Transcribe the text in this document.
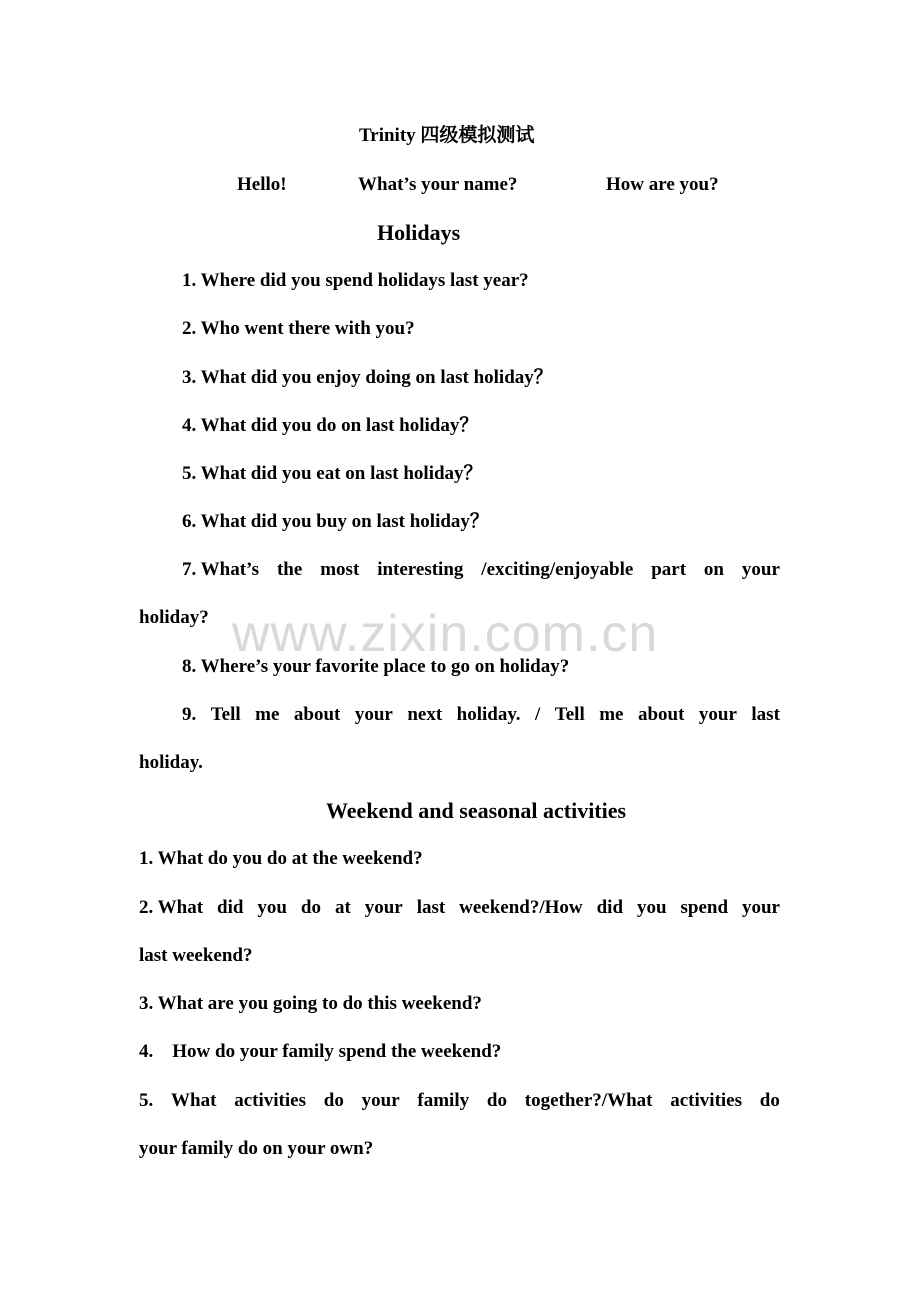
Trinity 四级模拟测试
Hello!	What’s your name?	How are you?
Holidays
1. Where did you spend holidays last year?
2. Who went there with you?
3. What did you enjoy doing on last holiday？
4. What did you do on last holiday？
5. What did you eat on last holiday？
6. What did you buy on last holiday？
7. What’s the most interesting /exciting/enjoyable part on your
holiday?
8. Where’s your favorite place to go on holiday?
9. Tell me about your next holiday. / Tell me about your last
holiday.
Weekend and seasonal activities
1. What do you do at the weekend?
2. What did you do at your last weekend?/How did you spend your
last weekend?
3. What are you going to do this weekend?
4.    How do your family spend the weekend?
5. What activities do your family do together?/What activities do
your family do on your own?
www.zixin.com.cn
